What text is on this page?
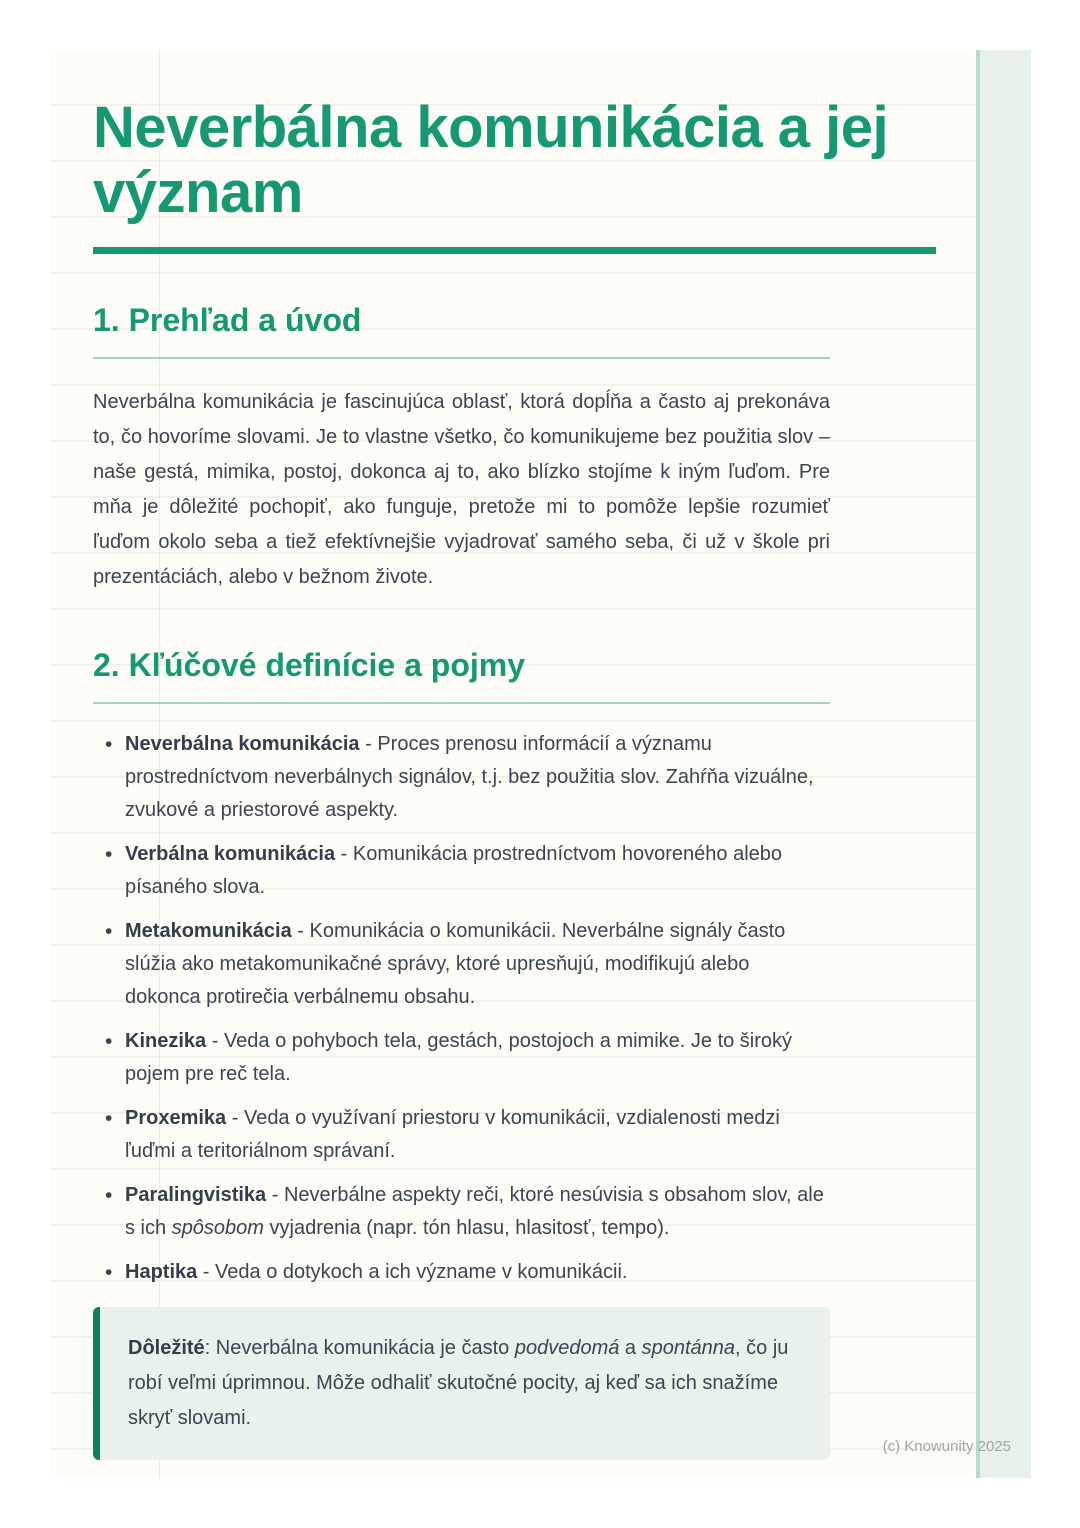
Neverbálna komunikácia a jej význam
1. Prehľad a úvod

Neverbálna komunikácia je fascinujúca oblasť, ktorá dopĺňa a často aj prekonáva to, čo hovoríme slovami. Je to vlastne všetko, čo komunikujeme bez použitia slov – naše gestá, mimika, postoj, dokonca aj to, ako blízko stojíme k iným ľuďom. Pre mňa je dôležité pochopiť, ako funguje, pretože mi to pomôže lepšie rozumieť ľuďom okolo seba a tiež efektívnejšie vyjadrovať samého seba, či už v škole pri prezentáciách, alebo v bežnom živote.

2. Kľúčové definície a pojmy
• Neverbálna komunikácia - Proces prenosu informácií a významu prostredníctvom neverbálnych signálov, t.j. bez použitia slov. Zahŕňa vizuálne, zvukové a priestorové aspekty.
• Verbálna komunikácia - Komunikácia prostredníctvom hovoreného alebo písaného slova.
• Metakomunikácia - Komunikácia o komunikácii. Neverbálne signály často slúžia ako metakomunikačné správy, ktoré upresňujú, modifikujú alebo dokonca protirečia verbálnemu obsahu.
• Kinezika - Veda o pohyboch tela, gestách, postojoch a mimike. Je to široký pojem pre reč tela.
• Proxemika - Veda o využívaní priestoru v komunikácii, vzdialenosti medzi ľuďmi a teritoriálnom správaní.
• Paralingvistika - Neverbálne aspekty reči, ktoré nesúvisia s obsahom slov, ale s ich spôsobom vyjadrenia (napr. tón hlasu, hlasitosť, tempo).
• Haptika - Veda o dotykoch a ich význame v komunikácii.
Dôležité: Neverbálna komunikácia je často podvedomá a spontánna, čo ju robí veľmi úprimnou. Môže odhaliť skutočné pocity, aj keď sa ich snažíme skryť slovami.
(c) Knowunity 2025
